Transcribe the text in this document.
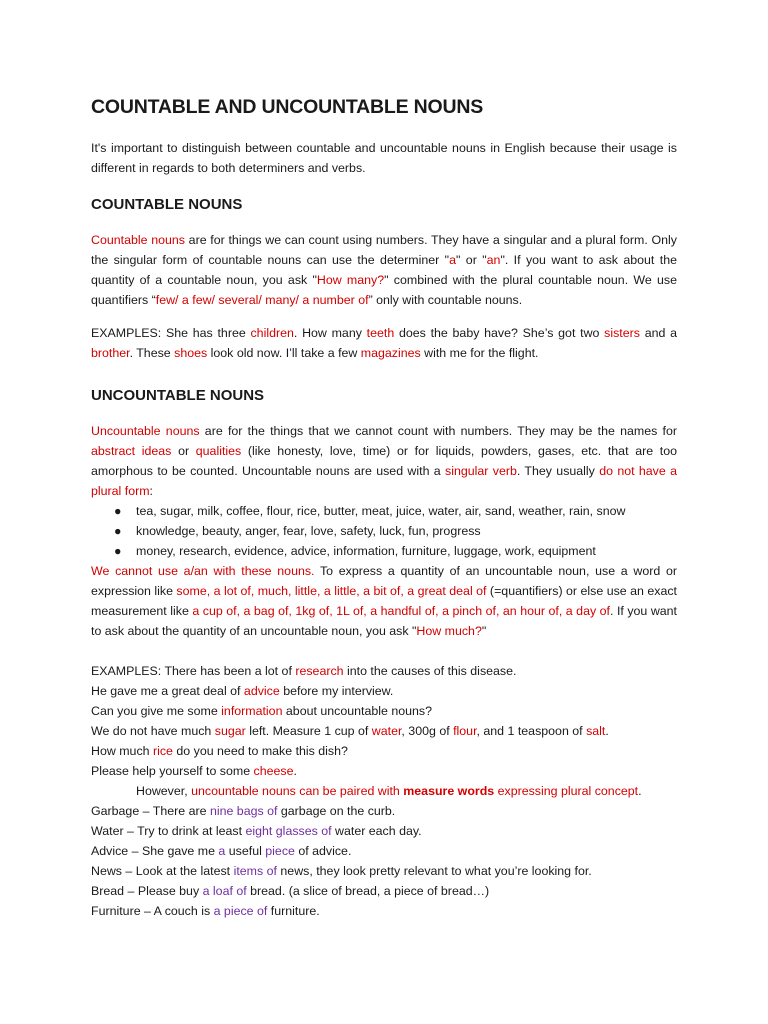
COUNTABLE AND UNCOUNTABLE NOUNS

It's important to distinguish between countable and uncountable nouns in English because their usage is different in regards to both determiners and verbs.

COUNTABLE NOUNS

Countable nouns are for things we can count using numbers. They have a singular and a plural form. Only the singular form of countable nouns can use the determiner "a" or "an". If you want to ask about the quantity of a countable noun, you ask "How many?" combined with the plural countable noun. We use quantifiers “few/ a few/ several/ many/ a number of” only with countable nouns.

EXAMPLES: She has three children. How many teeth does the baby have? She’s got two sisters and a brother. These shoes look old now. I’ll take a few magazines with me for the flight.

UNCOUNTABLE NOUNS

Uncountable nouns are for the things that we cannot count with numbers. They may be the names for abstract ideas or qualities (like honesty, love, time) or for liquids, powders, gases, etc. that are too amorphous to be counted. Uncountable nouns are used with a singular verb. They usually do not have a plural form:

● tea, sugar, milk, coffee, flour, rice, butter, meat, juice, water, air, sand, weather, rain, snow
● knowledge, beauty, anger, fear, love, safety, luck, fun, progress
● money, research, evidence, advice, information, furniture, luggage, work, equipment

We cannot use a/an with these nouns. To express a quantity of an uncountable noun, use a word or expression like some, a lot of, much, little, a little, a bit of, a great deal of (=quantifiers) or else use an exact measurement like a cup of, a bag of, 1kg of, 1L of, a handful of, a pinch of, an hour of, a day of. If you want to ask about the quantity of an uncountable noun, you ask "How much?"

EXAMPLES: There has been a lot of research into the causes of this disease.
He gave me a great deal of advice before my interview.
Can you give me some information about uncountable nouns?
We do not have much sugar left. Measure 1 cup of water, 300g of flour, and 1 teaspoon of salt.
How much rice do you need to make this dish?
Please help yourself to some cheese.
However, uncountable nouns can be paired with measure words expressing plural concept.
Garbage – There are nine bags of garbage on the curb.
Water – Try to drink at least eight glasses of water each day.
Advice – She gave me a useful piece of advice.
News – Look at the latest items of news, they look pretty relevant to what you’re looking for.
Bread – Please buy a loaf of bread. (a slice of bread, a piece of bread…)
Furniture – A couch is a piece of furniture.
